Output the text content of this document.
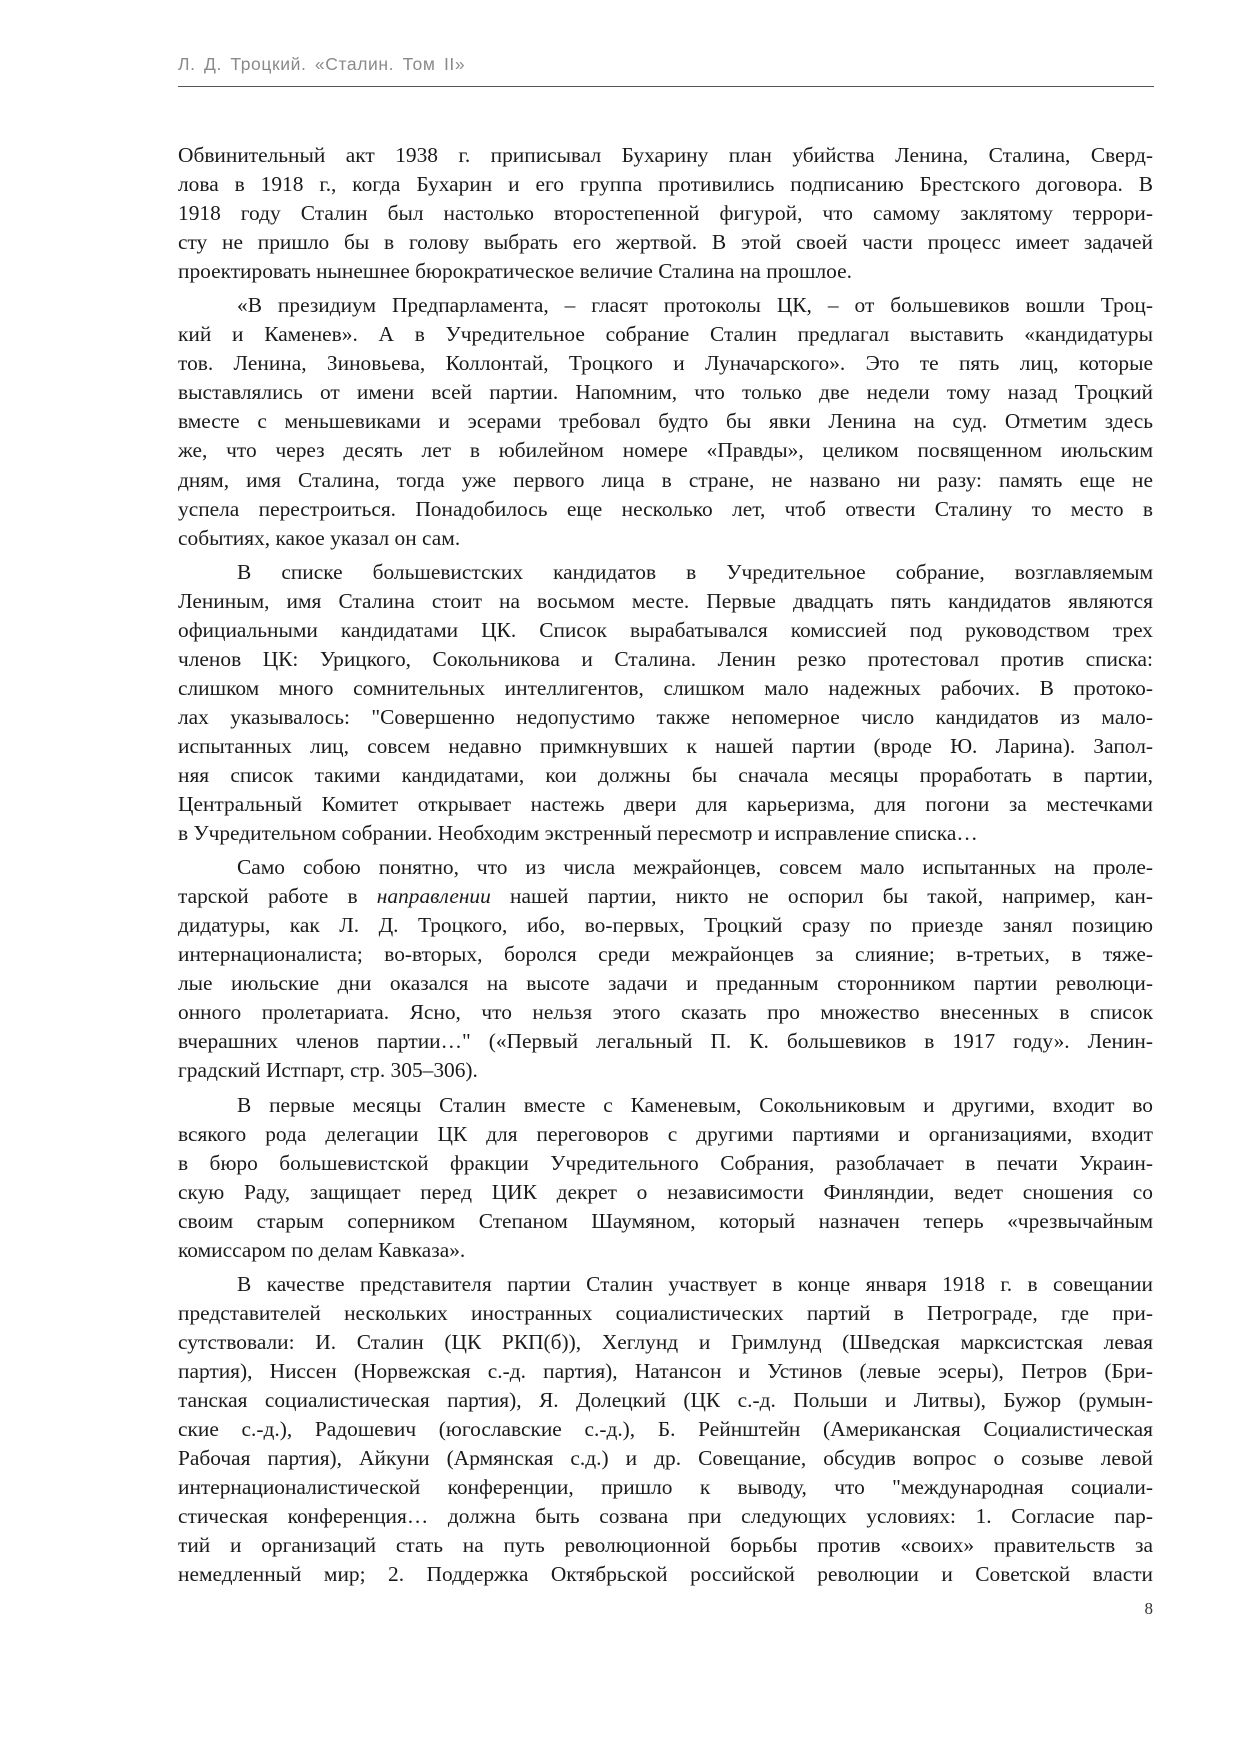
Л. Д. Троцкий. «Сталин. Том II»
Обвинительный акт 1938 г. приписывал Бухарину план убийства Ленина, Сталина, Сверд-
лова в 1918 г., когда Бухарин и его группа противились подписанию Брестского договора. В
1918 году Сталин был настолько второстепенной фигурой, что самому заклятому террори-
сту не пришло бы в голову выбрать его жертвой. В этой своей части процесс имеет задачей
проектировать нынешнее бюрократическое величие Сталина на прошлое.
«В президиум Предпарламента, – гласят протоколы ЦК, – от большевиков вошли Троц-
кий и Каменев». А в Учредительное собрание Сталин предлагал выставить «кандидатуры
тов. Ленина, Зиновьева, Коллонтай, Троцкого и Луначарского». Это те пять лиц, которые
выставлялись от имени всей партии. Напомним, что только две недели тому назад Троцкий
вместе с меньшевиками и эсерами требовал будто бы явки Ленина на суд. Отметим здесь
же, что через десять лет в юбилейном номере «Правды», целиком посвященном июльским
дням, имя Сталина, тогда уже первого лица в стране, не названо ни разу: память еще не
успела перестроиться. Понадобилось еще несколько лет, чтоб отвести Сталину то место в
событиях, какое указал он сам.
В списке большевистских кандидатов в Учредительное собрание, возглавляемым
Лениным, имя Сталина стоит на восьмом месте. Первые двадцать пять кандидатов являются
официальными кандидатами ЦК. Список вырабатывался комиссией под руководством трех
членов ЦК: Урицкого, Сокольникова и Сталина. Ленин резко протестовал против списка:
слишком много сомнительных интеллигентов, слишком мало надежных рабочих. В протоко-
лах указывалось: "Совершенно недопустимо также непомерное число кандидатов из мало-
испытанных лиц, совсем недавно примкнувших к нашей партии (вроде Ю. Ларина). Запол-
няя список такими кандидатами, кои должны бы сначала месяцы проработать в партии,
Центральный Комитет открывает настежь двери для карьеризма, для погони за местечками
в Учредительном собрании. Необходим экстренный пересмотр и исправление списка…
Само собою понятно, что из числа межрайонцев, совсем мало испытанных на проле-
тарской работе в направлении нашей партии, никто не оспорил бы такой, например, кан-
дидатуры, как Л. Д. Троцкого, ибо, во-первых, Троцкий сразу по приезде занял позицию
интернационалиста; во-вторых, боролся среди межрайонцев за слияние; в-третьих, в тяже-
лые июльские дни оказался на высоте задачи и преданным сторонником партии революци-
онного пролетариата. Ясно, что нельзя этого сказать про множество внесенных в список
вчерашних членов партии…" («Первый легальный П. К. большевиков в 1917 году». Ленин-
градский Истпарт, стр. 305–306).
В первые месяцы Сталин вместе с Каменевым, Сокольниковым и другими, входит во
всякого рода делегации ЦК для переговоров с другими партиями и организациями, входит
в бюро большевистской фракции Учредительного Собрания, разоблачает в печати Украин-
скую Раду, защищает перед ЦИК декрет о независимости Финляндии, ведет сношения со
своим старым соперником Степаном Шаумяном, который назначен теперь «чрезвычайным
комиссаром по делам Кавказа».
В качестве представителя партии Сталин участвует в конце января 1918 г. в совещании
представителей нескольких иностранных социалистических партий в Петрограде, где при-
сутствовали: И. Сталин (ЦК РКП(б)), Хеглунд и Гримлунд (Шведская марксистская левая
партия), Ниссен (Норвежская с.-д. партия), Натансон и Устинов (левые эсеры), Петров (Бри-
танская социалистическая партия), Я. Долецкий (ЦК с.-д. Польши и Литвы), Бужор (румын-
ские с.-д.), Радошевич (югославские с.-д.), Б. Рейнштейн (Американская Социалистическая
Рабочая партия), Айкуни (Армянская с.д.) и др. Совещание, обсудив вопрос о созыве левой
интернационалистической конференции, пришло к выводу, что "международная социали-
стическая конференция… должна быть созвана при следующих условиях: 1. Согласие пар-
тий и организаций стать на путь революционной борьбы против «своих» правительств за
немедленный мир; 2. Поддержка Октябрьской российской революции и Советской власти
8
